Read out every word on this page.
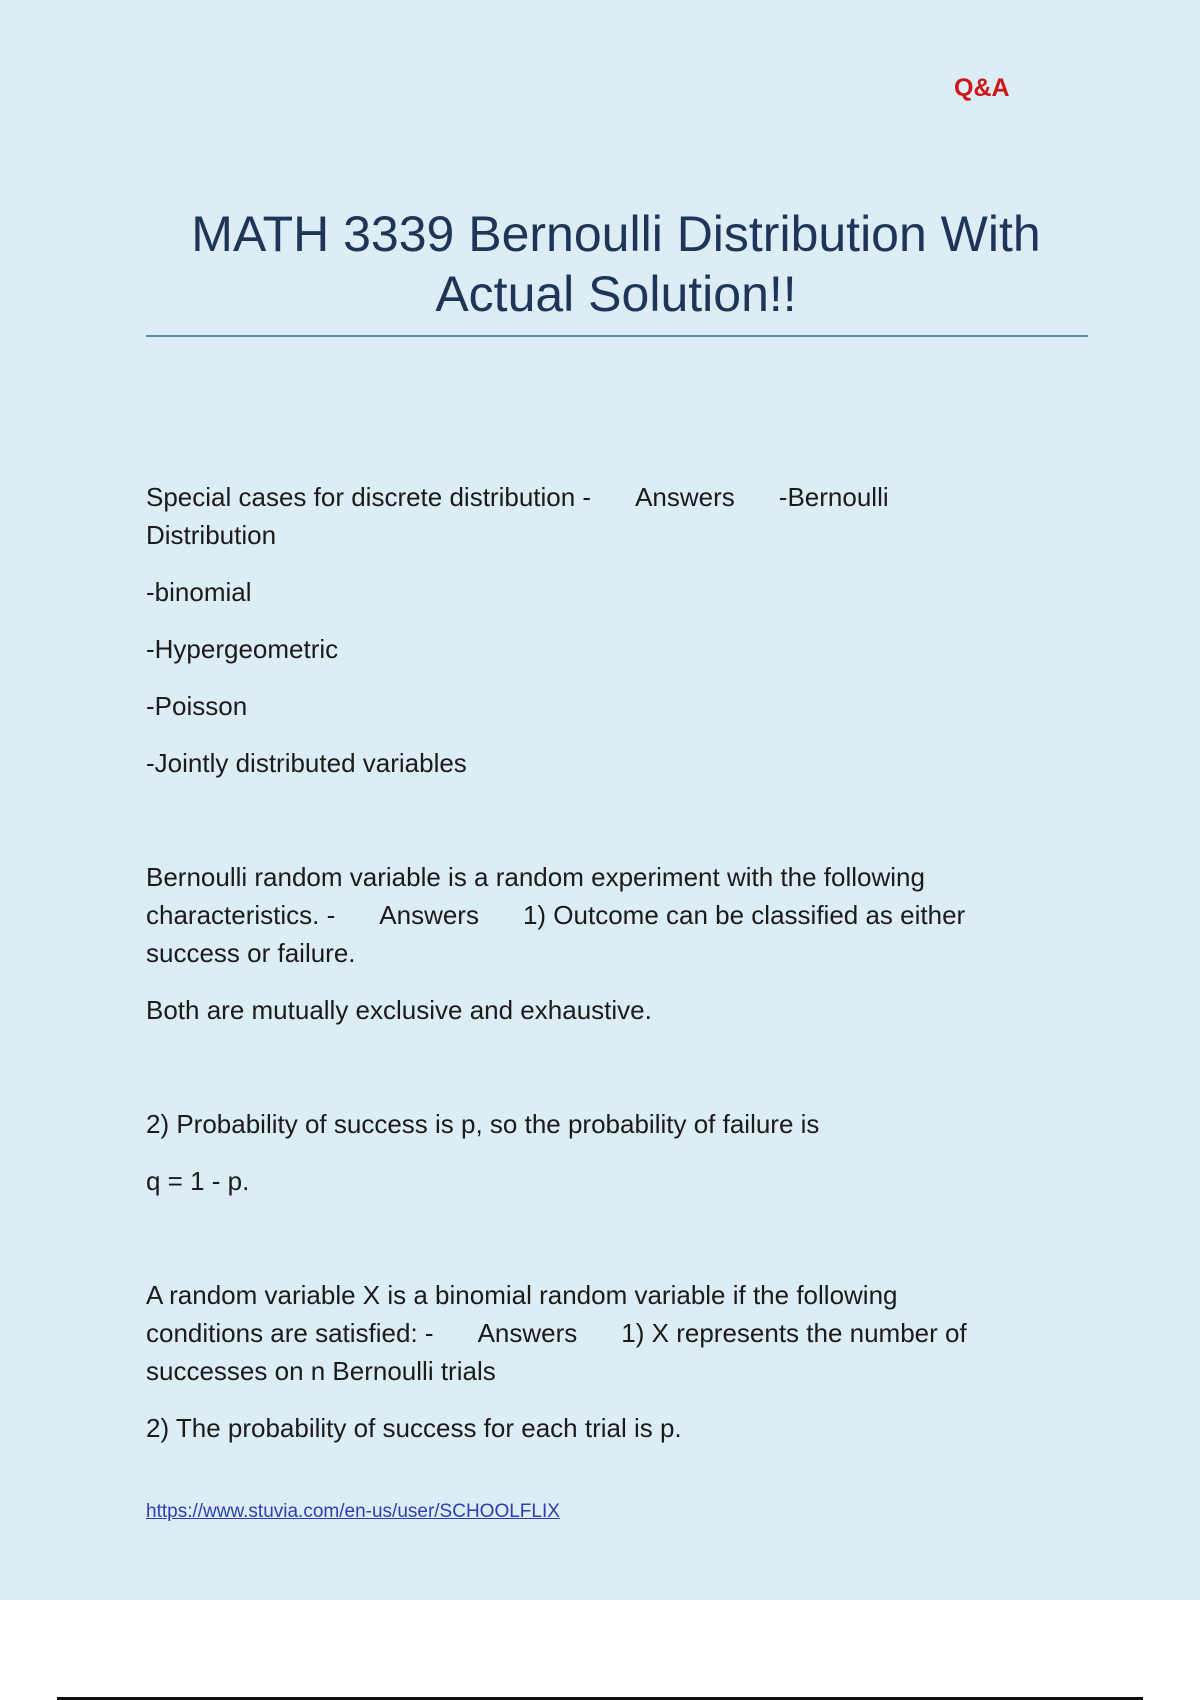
Q&A
MATH 3339 Bernoulli Distribution With
Actual Solution!!

Special cases for discrete distribution - Answers -Bernoulli
Distribution

-binomial

-Hypergeometric

-Poisson

-Jointly distributed variables

Bernoulli random variable is a random experiment with the following
characteristics. - Answers 1) Outcome can be classified as either
success or failure.

Both are mutually exclusive and exhaustive.

2) Probability of success is p, so the probability of failure is

q = 1 - p.

A random variable X is a binomial random variable if the following
conditions are satisfied: - Answers 1) X represents the number of
successes on n Bernoulli trials

2) The probability of success for each trial is p.

https://www.stuvia.com/en-us/user/SCHOOLFLIX
